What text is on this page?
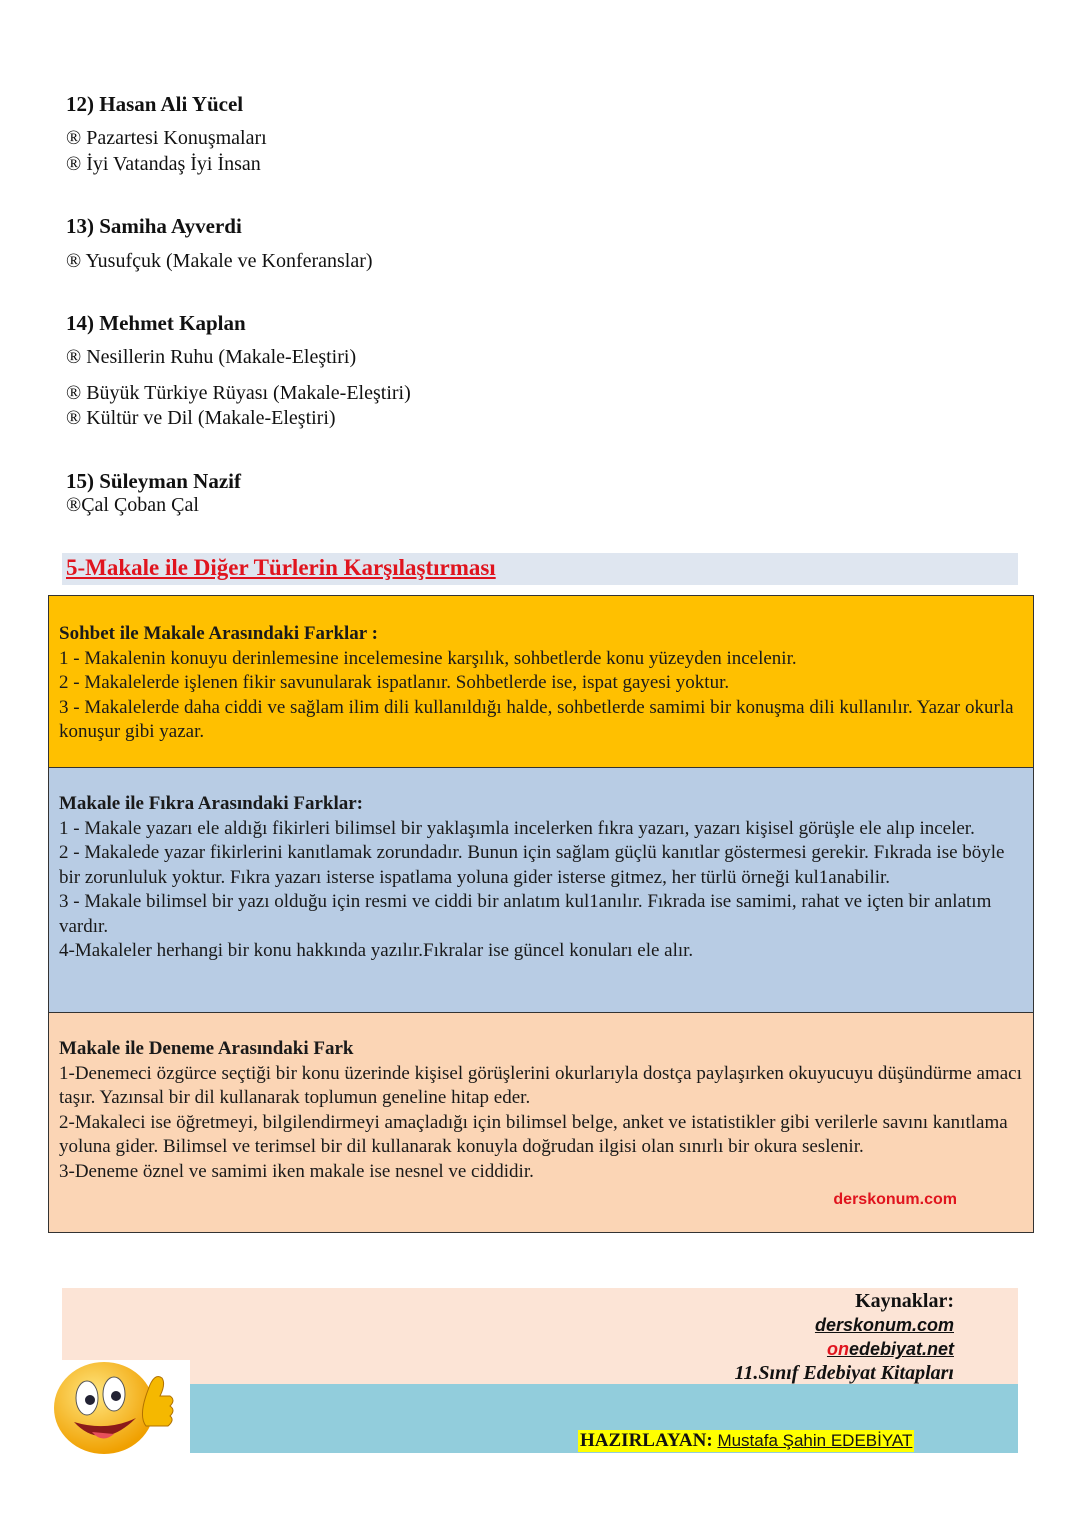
12) Hasan Ali Yücel
® Pazartesi Konuşmaları
® İyi Vatandaş İyi İnsan
13) Samiha Ayverdi
® Yusufçuk (Makale ve Konferanslar)
14) Mehmet Kaplan
® Nesillerin Ruhu (Makale-Eleştiri)
® Büyük Türkiye Rüyası (Makale-Eleştiri)
® Kültür ve Dil (Makale-Eleştiri)
15) Süleyman Nazif
®Çal Çoban Çal
5-Makale ile Diğer Türlerin Karşılaştırması
Sohbet ile Makale Arasındaki Farklar :
1 - Makalenin konuyu derinlemesine incelemesine karşılık, sohbetlerde konu yüzeyden incelenir.
2 - Makalelerde işlenen fikir savunularak ispatlanır. Sohbetlerde ise, ispat gayesi yoktur.
3 - Makalelerde daha ciddi ve sağlam ilim dili kullanıldığı halde, sohbetlerde samimi bir konuşma dili kullanılır. Yazar okurla konuşur gibi yazar.
Makale ile Fıkra Arasındaki Farklar:
1 - Makale yazarı ele aldığı fikirleri bilimsel bir yaklaşımla incelerken fıkra yazarı, yazarı kişisel görüşle ele alıp inceler.
2 - Makalede yazar fikirlerini kanıtlamak zorundadır. Bunun için sağlam güçlü kanıtlar göstermesi gerekir. Fıkrada ise böyle bir zorunluluk yoktur. Fıkra yazarı isterse ispatlama yoluna gider isterse gitmez, her türlü örneği kul1anabilir.
3 - Makale bilimsel bir yazı olduğu için resmi ve ciddi bir anlatım kul1anılır. Fıkrada ise samimi, rahat ve içten bir anlatım vardır.
4-Makaleler herhangi bir konu hakkında yazılır.Fıkralar ise güncel konuları ele alır.
Makale ile Deneme Arasındaki Fark
1-Denemeci özgürce seçtiği bir konu üzerinde kişisel görüşlerini okurlarıyla dostça paylaşırken okuyucuyu düşündürme amacı taşır. Yazınsal bir dil kullanarak toplumun geneline hitap eder.
2-Makaleci ise öğretmeyi, bilgilendirmeyi amaçladığı için bilimsel belge, anket ve istatistikler gibi verilerle savını kanıtlama yoluna gider. Bilimsel ve terimsel bir dil kullanarak konuyla doğrudan ilgisi olan sınırlı bir okura seslenir.
3-Deneme öznel ve samimi iken makale ise nesnel ve ciddidir.
derskonum.com
Kaynaklar:
derskonum.com
onedebiyat.net
11.Sınıf Edebiyat Kitapları
HAZIRLAYAN: Mustafa Şahin EDEBİYAT
